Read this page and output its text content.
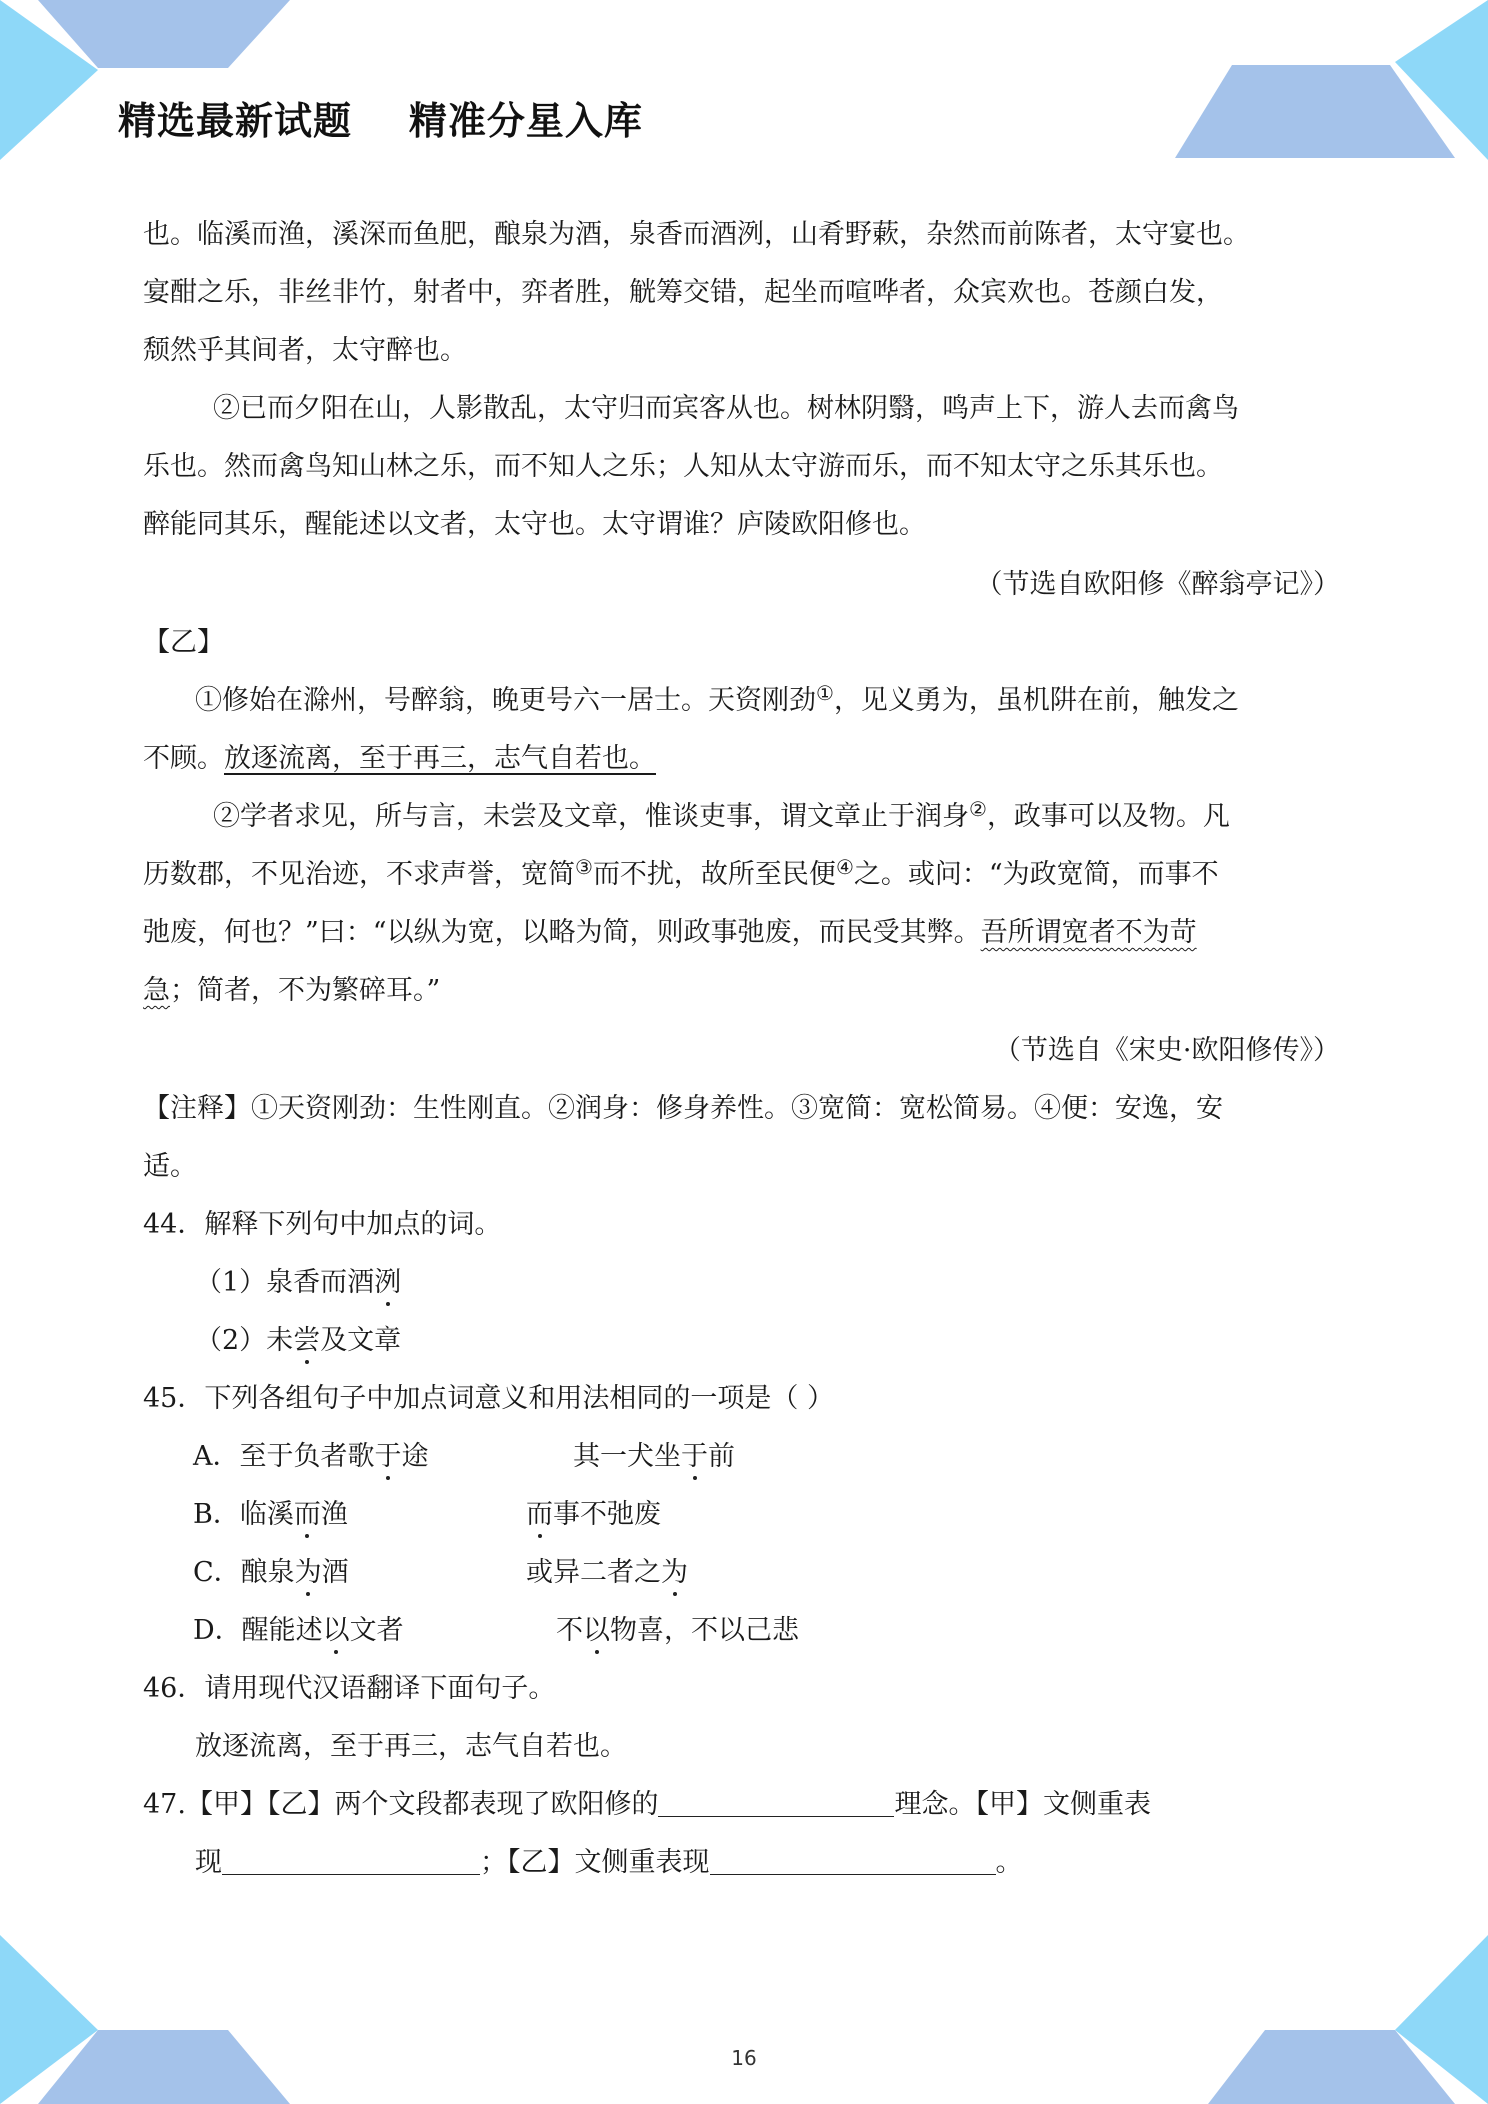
精选最新试题    精准分星入库
也。临溪而渔，溪深而鱼肥，酿泉为酒，泉香而酒洌，山肴野蔌，杂然而前陈者，太守宴也。
宴酣之乐，非丝非竹，射者中，弈者胜，觥筹交错，起坐而喧哗者，众宾欢也。苍颜白发，
颓然乎其间者，太守醉也。
②已而夕阳在山，人影散乱，太守归而宾客从也。树林阴翳，鸣声上下，游人去而禽鸟
乐也。然而禽鸟知山林之乐，而不知人之乐；人知从太守游而乐，而不知太守之乐其乐也。
醉能同其乐，醒能述以文者，太守也。太守谓谁？庐陵欧阳修也。
（节选自欧阳修《醉翁亭记》）
【乙】
①修始在滁州，号醉翁，晚更号六一居士。天资刚劲①，见义勇为，虽机阱在前，触发之
不顾。放逐流离，至于再三，志气自若也。
②学者求见，所与言，未尝及文章，惟谈吏事，谓文章止于润身②，政事可以及物。凡
历数郡，不见治迹，不求声誉，宽简③而不扰，故所至民便④之。或问：“为政宽简，而事不
弛废，何也？”曰：“以纵为宽，以略为简，则政事弛废，而民受其弊。吾所谓宽者不为苛
急；简者，不为繁碎耳。”
（节选自《宋史·欧阳修传》）
【注释】①天资刚劲：生性刚直。②润身：修身养性。③宽简：宽松简易。④便：安逸，安
适。
44．解释下列句中加点的词。
（1）泉香而酒洌
（2）未尝及文章
45．下列各组句子中加点词意义和用法相同的一项是（ ）
A．至于负者歌于途	其一犬坐于前
B．临溪而渔	而事不弛废
C．酿泉为酒	或异二者之为
D．醒能述以文者	不以物喜，不以己悲
46．请用现代汉语翻译下面句子。
放逐流离，至于再三，志气自若也。
47.【甲】【乙】两个文段都表现了欧阳修的	理念。【甲】文侧重表
现	；【乙】文侧重表现	。
16
